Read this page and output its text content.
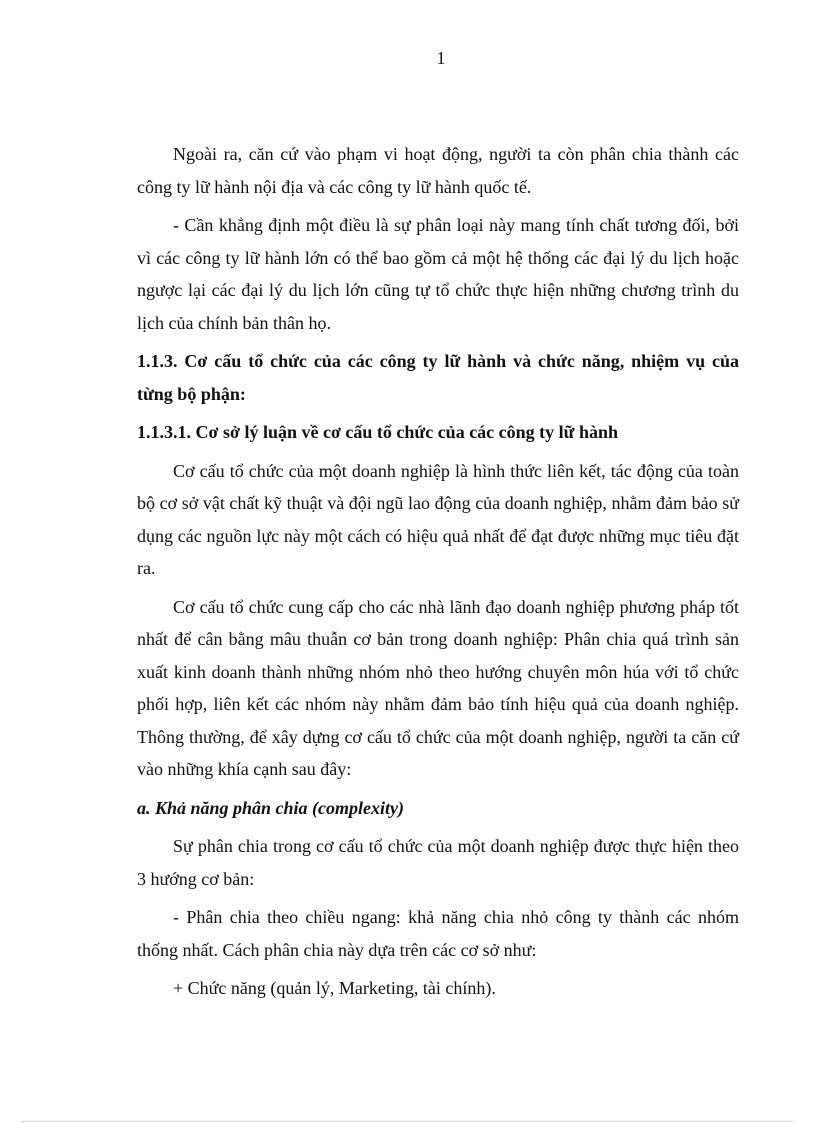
1

Ngoài ra, căn cứ vào phạm vi hoạt động, người ta còn phân chia thành các công ty lữ hành nội địa và các công ty lữ hành quốc tế.

- Cần khẳng định một điều là sự phân loại này mang tính chất tương đối, bởi vì các công ty lữ hành lớn có thể bao gồm cả một hệ thống các đại lý du lịch hoặc ngược lại các đại lý du lịch lớn cũng tự tổ chức thực hiện những chương trình du lịch của chính bản thân họ.

1.1.3. Cơ cấu tổ chức của các công ty lữ hành và chức năng, nhiệm vụ của từng bộ phận:

1.1.3.1. Cơ sở lý luận về cơ cấu tổ chức của các công ty lữ hành

Cơ cấu tổ chức của một doanh nghiệp là hình thức liên kết, tác động của toàn bộ cơ sở vật chất kỹ thuật và đội ngũ lao động của doanh nghiệp, nhằm đảm bảo sử dụng các nguồn lực này một cách có hiệu quả nhất để đạt được những mục tiêu đặt ra.

Cơ cấu tổ chức cung cấp cho các nhà lãnh đạo doanh nghiệp phương pháp tốt nhất để cân bằng mâu thuẫn cơ bản trong doanh nghiệp: Phân chia quá trình sản xuất kinh doanh thành những nhóm nhỏ theo hướng chuyên môn húa với tổ chức phối hợp, liên kết các nhóm này nhằm đảm bảo tính hiệu quả của doanh nghiệp. Thông thường, để xây dựng cơ cấu tổ chức của một doanh nghiệp, người ta căn cứ vào những khía cạnh sau đây:

a. Khả năng phân chia (complexity)

Sự phân chia trong cơ cấu tổ chức của một doanh nghiệp được thực hiện theo 3 hướng cơ bản:

- Phân chia theo chiều ngang: khả năng chia nhỏ công ty thành các nhóm thống nhất. Cách phân chia này dựa trên các cơ sở như:

+ Chức năng (quản lý, Marketing, tài chính).
